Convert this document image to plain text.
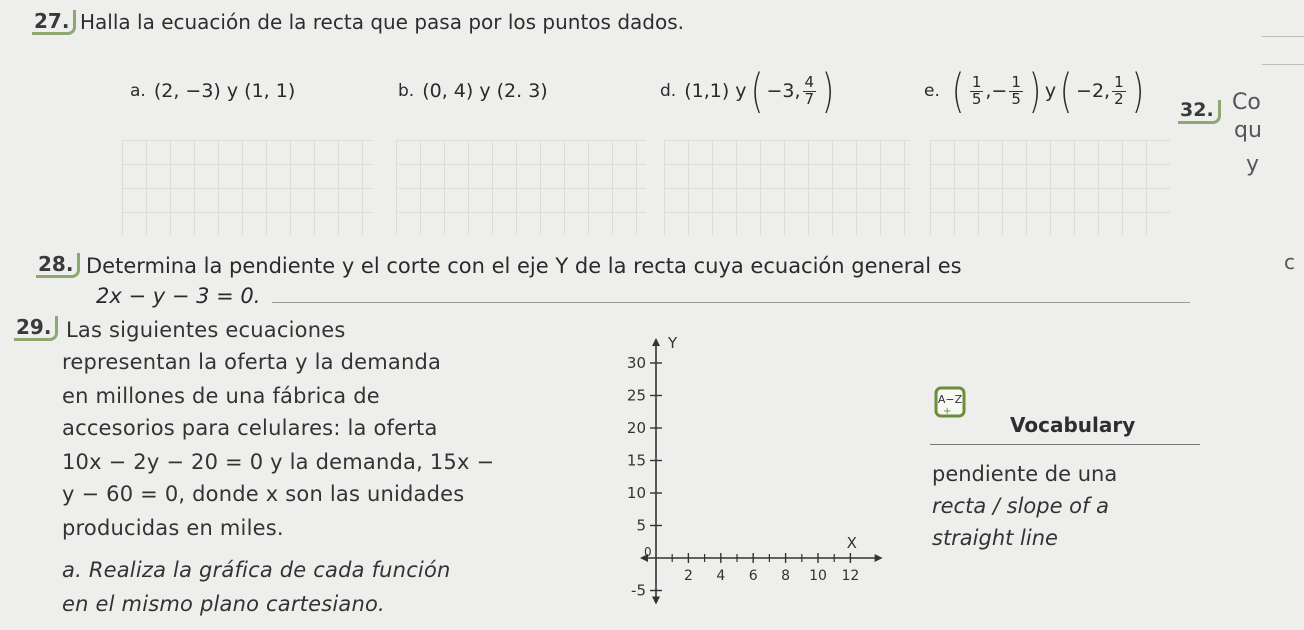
27. Halla la ecuación de la recta que pasa por los puntos dados.
a. (2, −3) y (1, 1)	b. (0, 4) y (2. 3)	d. (1,1) y ( −3, $\frac{4}{7}$ )	e. ( $\frac{1}{5}$ ,− $\frac{1}{5}$ ) y ( −2, $\frac{1}{2}$ ) 32. Co
qu
y
c
28. Determina la pendiente y el corte con el eje Y de la recta cuya ecuación general es
2x − y − 3 = 0.
29. Las siguientes ecuaciones
representan la oferta y la demanda
en millones de una fábrica de
accesorios para celulares: la oferta
10x − 2y − 20 = 0 y la demanda, 15x −
y − 60 = 0, donde x son las unidades
producidas en miles.
a. Realiza la gráfica de cada función
en el mismo plano cartesiano.
Y
X
0
2 4 6 8 10 12
30
25
20
15
10
5
-5
A−Z
+
Vocabulary
pendiente de una
recta / slope of a
straight line
